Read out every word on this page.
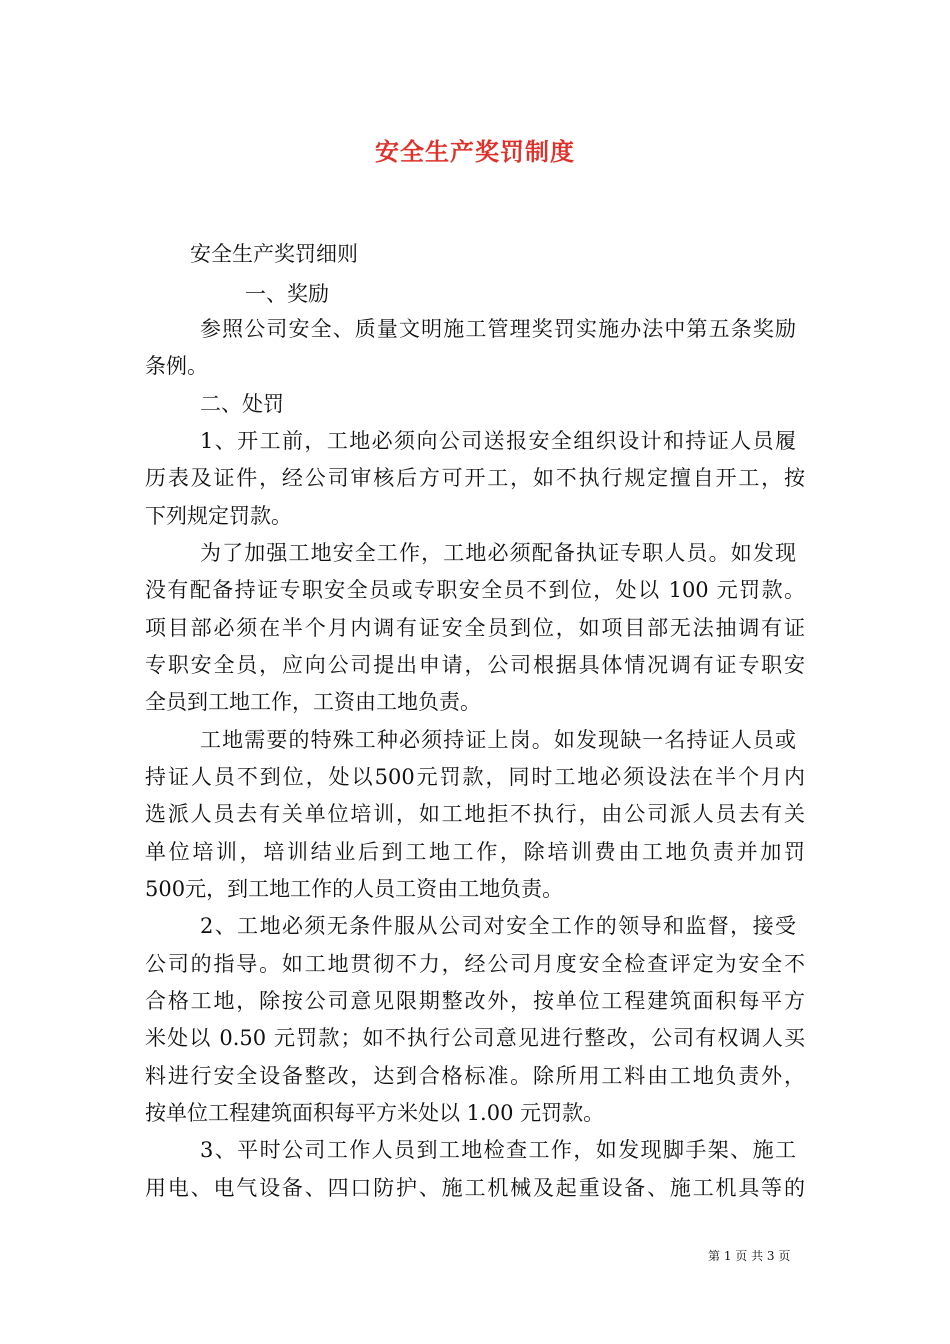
安全生产奖罚制度
安全生产奖罚细则
一、奖励
参照公司安全、质量文明施工管理奖罚实施办法中第五条奖励
条例。
二、处罚
1、开工前，工地必须向公司送报安全组织设计和持证人员履
历表及证件，经公司审核后方可开工，如不执行规定擅自开工，按
下列规定罚款。
为了加强工地安全工作，工地必须配备执证专职人员。如发现
没有配备持证专职安全员或专职安全员不到位，处以 100 元罚款。
项目部必须在半个月内调有证安全员到位，如项目部无法抽调有证
专职安全员，应向公司提出申请，公司根据具体情况调有证专职安
全员到工地工作，工资由工地负责。
工地需要的特殊工种必须持证上岗。如发现缺一名持证人员或
持证人员不到位，处以500元罚款，同时工地必须设法在半个月内
选派人员去有关单位培训，如工地拒不执行，由公司派人员去有关
单位培训，培训结业后到工地工作，除培训费由工地负责并加罚
500元，到工地工作的人员工资由工地负责。
2、工地必须无条件服从公司对安全工作的领导和监督，接受
公司的指导。如工地贯彻不力，经公司月度安全检查评定为安全不
合格工地，除按公司意见限期整改外，按单位工程建筑面积每平方
米处以 0.50 元罚款；如不执行公司意见进行整改，公司有权调人买
料进行安全设备整改，达到合格标准。除所用工料由工地负责外，
按单位工程建筑面积每平方米处以 1.00 元罚款。
3、平时公司工作人员到工地检查工作，如发现脚手架、施工
用电、电气设备、四口防护、施工机械及起重设备、施工机具等的
第 1 页 共 3 页
